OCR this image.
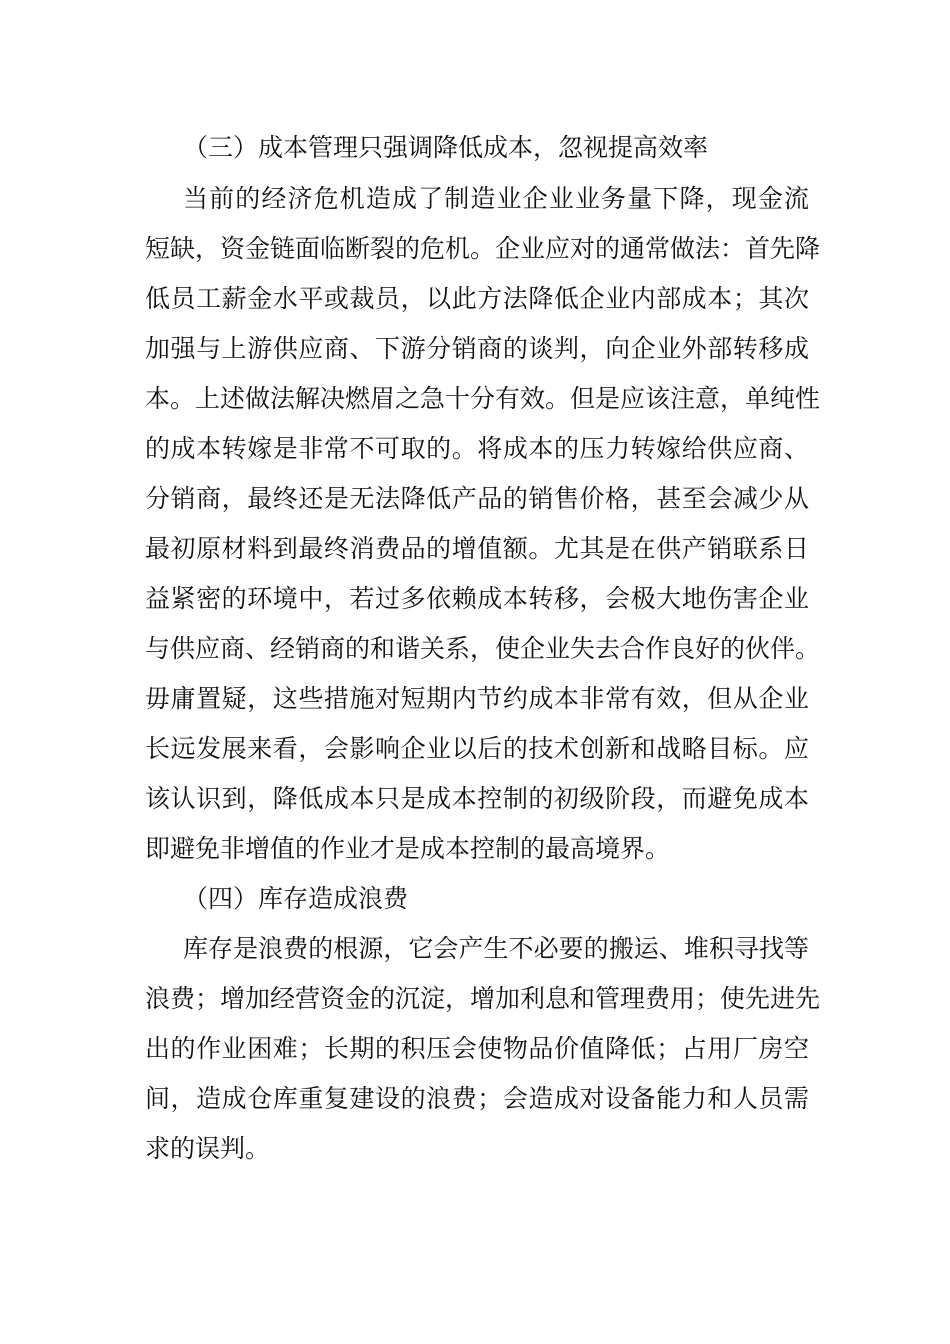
（三）成本管理只强调降低成本，忽视提高效率
当前的经济危机造成了制造业企业业务量下降，现金流
短缺，资金链面临断裂的危机。企业应对的通常做法：首先降
低员工薪金水平或裁员，以此方法降低企业内部成本；其次
加强与上游供应商、下游分销商的谈判，向企业外部转移成
本。上述做法解决燃眉之急十分有效。但是应该注意，单纯性
的成本转嫁是非常不可取的。将成本的压力转嫁给供应商、
分销商，最终还是无法降低产品的销售价格，甚至会减少从
最初原材料到最终消费品的增值额。尤其是在供产销联系日
益紧密的环境中，若过多依赖成本转移，会极大地伤害企业
与供应商、经销商的和谐关系，使企业失去合作良好的伙伴。
毋庸置疑，这些措施对短期内节约成本非常有效，但从企业
长远发展来看，会影响企业以后的技术创新和战略目标。应
该认识到，降低成本只是成本控制的初级阶段，而避免成本
即避免非增值的作业才是成本控制的最高境界。
（四）库存造成浪费
库存是浪费的根源，它会产生不必要的搬运、堆积寻找等
浪费；增加经营资金的沉淀，增加利息和管理费用；使先进先
出的作业困难；长期的积压会使物品价值降低；占用厂房空
间，造成仓库重复建设的浪费；会造成对设备能力和人员需
求的误判。
